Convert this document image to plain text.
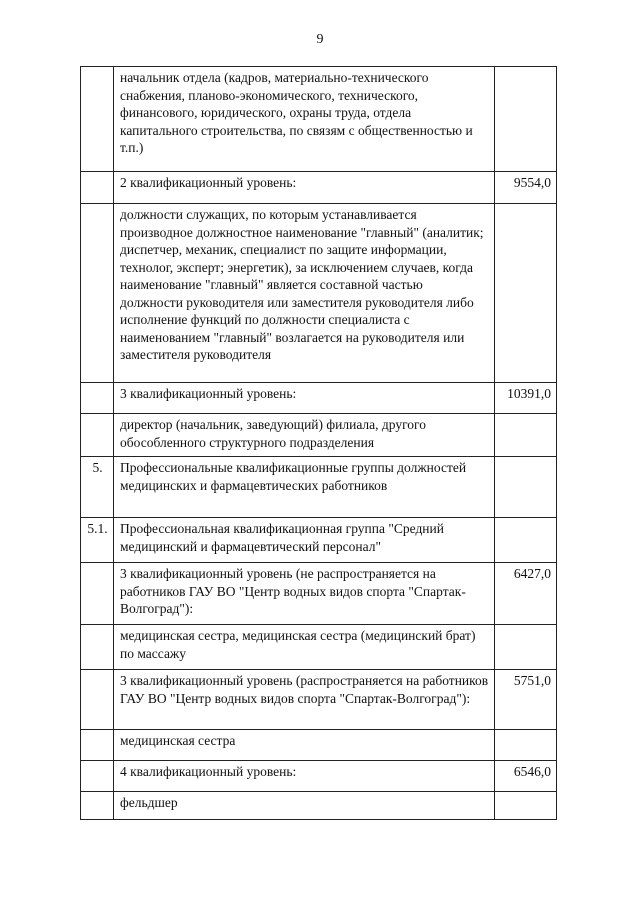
9
	начальник отдела (кадров, материально-технического снабжения, планово-экономического, технического, финансового, юридического, охраны труда, отдела капитального строительства, по связям с общественностью и т.п.)	
	2 квалификационный уровень:	9554,0
	должности служащих, по которым устанавливается производное должностное наименование "главный" (аналитик; диспетчер, механик, специалист по защите информации, технолог, эксперт; энергетик), за исключением случаев, когда наименование "главный" является составной частью должности руководителя или заместителя руководителя либо исполнение функций по должности специалиста с наименованием "главный" возлагается на руководителя или заместителя руководителя	
	3 квалификационный уровень:	10391,0
	директор (начальник, заведующий) филиала, другого обособленного структурного подразделения	
5.	Профессиональные квалификационные группы должностей медицинских и фармацевтических работников	
5.1.	Профессиональная квалификационная группа "Средний медицинский и фармацевтический персонал"	
	3 квалификационный уровень (не распространяется на работников ГАУ ВО "Центр водных видов спорта "Спартак-Волгоград"):	6427,0
	медицинская сестра, медицинская сестра (медицинский брат) по массажу	
	3 квалификационный уровень (распространяется на работников ГАУ ВО "Центр водных видов спорта "Спартак-Волгоград"):	5751,0
	медицинская сестра	
	4 квалификационный уровень:	6546,0
	фельдшер	
